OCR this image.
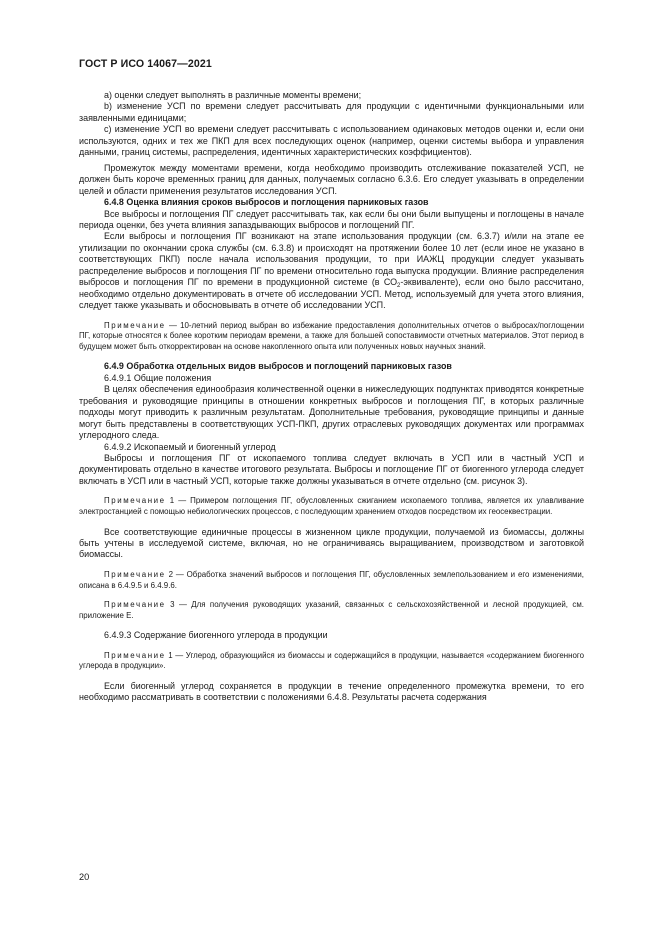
ГОСТ Р ИСО 14067—2021

a) оценки следует выполнять в различные моменты времени;

b) изменение УСП по времени следует рассчитывать для продукции с идентичными функциональными или заявленными единицами;

с) изменение УСП во времени следует рассчитывать с использованием одинаковых методов оценки и, если они используются, одних и тех же ПКП для всех последующих оценок (например, оценки системы выбора и управления данными, границ системы, распределения, идентичных характеристических коэффициентов).

Промежуток между моментами времени, когда необходимо производить отслеживание показателей УСП, не должен быть короче временных границ для данных, получаемых согласно 6.3.6. Его следует указывать в определении целей и области применения результатов исследования УСП.

6.4.8 Оценка влияния сроков выбросов и поглощения парниковых газов

Все выбросы и поглощения ПГ следует рассчитывать так, как если бы они были выпущены и поглощены в начале периода оценки, без учета влияния запаздывающих выбросов и поглощений ПГ.

Если выбросы и поглощения ПГ возникают на этапе использования продукции (см. 6.3.7) и/или на этапе ее утилизации по окончании срока службы (см. 6.3.8) и происходят на протяжении более 10 лет (если иное не указано в соответствующих ПКП) после начала использования продукции, то при ИАЖЦ продукции следует указывать распределение выбросов и поглощения ПГ по времени относительно года выпуска продукции. Влияние распределения выбросов и поглощения ПГ по времени в продукционной системе (в $СО_2-эквиваленте$), если оно было рассчитано, необходимо отдельно документировать в отчете об исследовании УСП. Метод, используемый для учета этого влияния, следует также указывать и обосновывать в отчете об исследовании УСП.

Примечание — 10-летний период выбран во избежание предоставления дополнительных отчетов о выбросах/поглощении ПГ, которые относятся к более коротким периодам времени, а также для большей сопоставимости отчетных материалов. Этот период в будущем может быть откорректирован на основе накопленного опыта или полученных новых научных знаний.

6.4.9 Обработка отдельных видов выбросов и поглощений парниковых газов

6.4.9.1 Общие положения

В целях обеспечения единообразия количественной оценки в нижеследующих подпунктах приводятся конкретные требования и руководящие принципы в отношении конкретных выбросов и поглощения ПГ, в которых различные подходы могут приводить к различным результатам. Дополнительные требования, руководящие принципы и данные могут быть представлены в соответствующих УСП-ПКП, других отраслевых руководящих документах или программах углеродного следа.

6.4.9.2 Ископаемый и биогенный углерод

Выбросы и поглощения ПГ от ископаемого топлива следует включать в УСП или в частный УСП и документировать отдельно в качестве итогового результата. Выбросы и поглощение ПГ от биогенного углерода следует включать в УСП или в частный УСП, которые также должны указываться в отчете отдельно (см. рисунок 3).

Примечание 1 — Примером поглощения ПГ, обусловленных сжиганием ископаемого топлива, является их улавливание электростанцией с помощью небиологических процессов, с последующим хранением отходов посредством их геосеквестрации.

Все соответствующие единичные процессы в жизненном цикле продукции, получаемой из биомассы, должны быть учтены в исследуемой системе, включая, но не ограничиваясь выращиванием, производством и заготовкой биомассы.

Примечание 2 — Обработка значений выбросов и поглощения ПГ, обусловленных землепользованием и его изменениями, описана в 6.4.9.5 и 6.4.9.6.

Примечание 3 — Для получения руководящих указаний, связанных с сельскохозяйственной и лесной продукцией, см. приложение Е.

6.4.9.3 Содержание биогенного углерода в продукции

Примечание 1 — Углерод, образующийся из биомассы и содержащийся в продукции, называется «содержанием биогенного углерода в продукции».

Если биогенный углерод сохраняется в продукции в течение определенного промежутка времени, то его необходимо рассматривать в соответствии с положениями 6.4.8. Результаты расчета содержания

20
